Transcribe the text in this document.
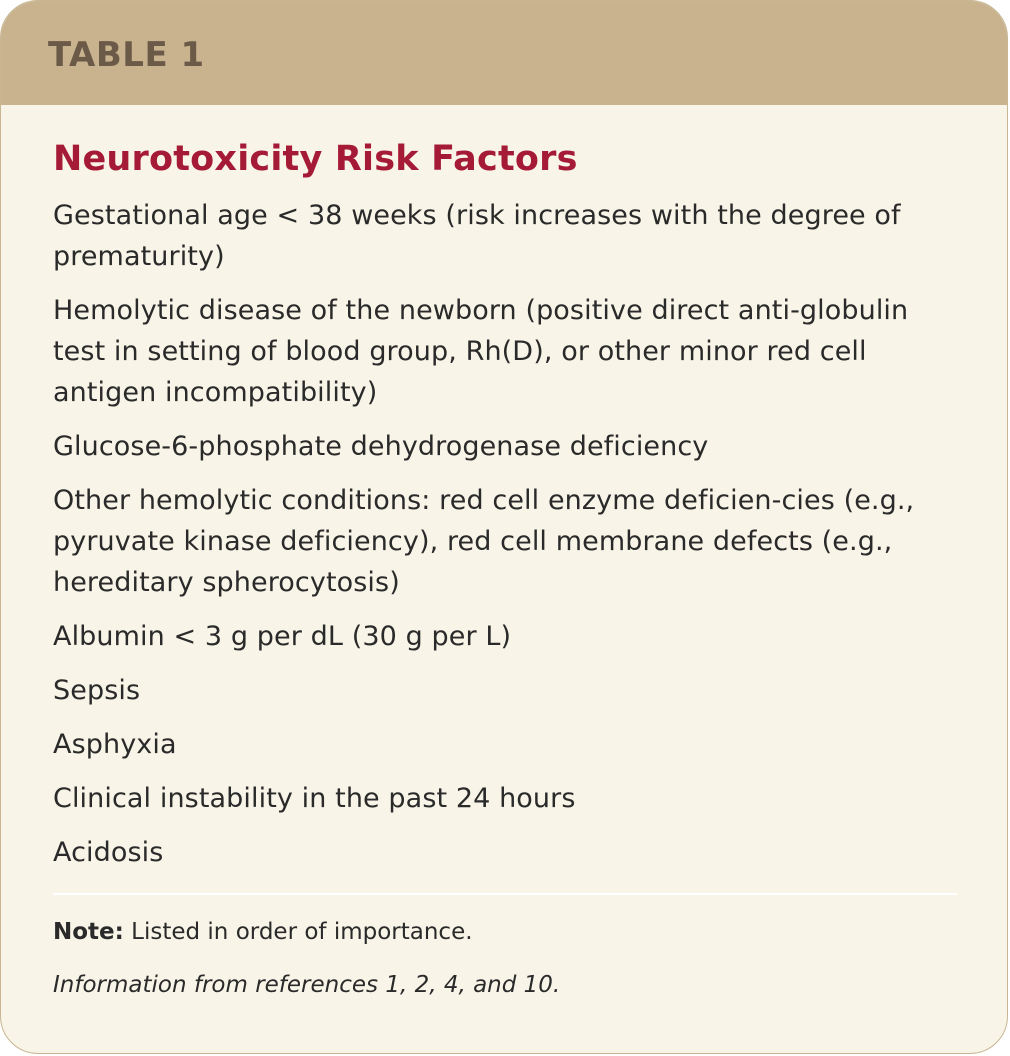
TABLE 1
Neurotoxicity Risk Factors
Gestational age < 38 weeks (risk increases with the degree of prematurity)
Hemolytic disease of the newborn (positive direct anti-globulin test in setting of blood group, Rh(D), or other minor red cell antigen incompatibility)
Glucose-6-phosphate dehydrogenase deficiency
Other hemolytic conditions: red cell enzyme deficien-cies (e.g., pyruvate kinase deficiency), red cell membrane defects (e.g., hereditary spherocytosis)
Albumin < 3 g per dL (30 g per L)
Sepsis
Asphyxia
Clinical instability in the past 24 hours
Acidosis

Note: Listed in order of importance.

Information from references 1, 2, 4, and 10.
